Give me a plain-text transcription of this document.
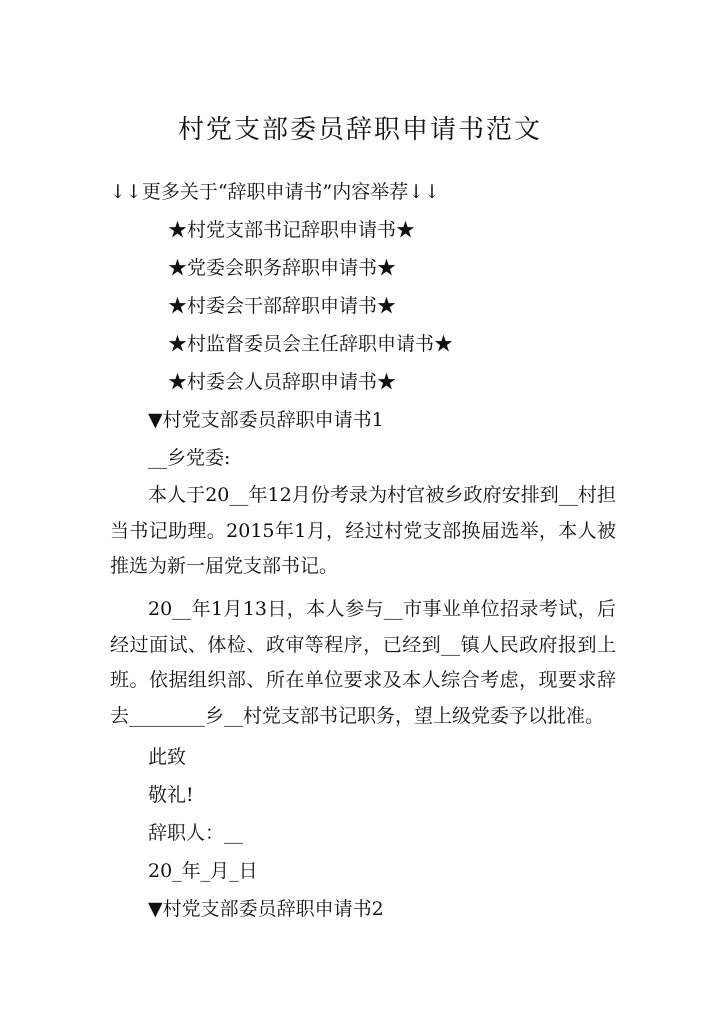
村党支部委员辞职申请书范文

↓↓更多关于“辞职申请书”内容举荐↓↓

★村党支部书记辞职申请书★

★党委会职务辞职申请书★

★村委会干部辞职申请书★

★村监督委员会主任辞职申请书★

★村委会人员辞职申请书★

▼村党支部委员辞职申请书1

__乡党委:

本人于20__年12月份考录为村官被乡政府安排到__村担当书记助理。2015年1月，经过村党支部换届选举，本人被推选为新一届党支部书记。

20__年1月13日，本人参与__市事业单位招录考试，后经过面试、体检、政审等程序，已经到__镇人民政府报到上班。依据组织部、所在单位要求及本人综合考虑，现要求辞去________乡__村党支部书记职务，望上级党委予以批准。

此致

敬礼!

辞职人：__

20_年_月_日

▼村党支部委员辞职申请书2
